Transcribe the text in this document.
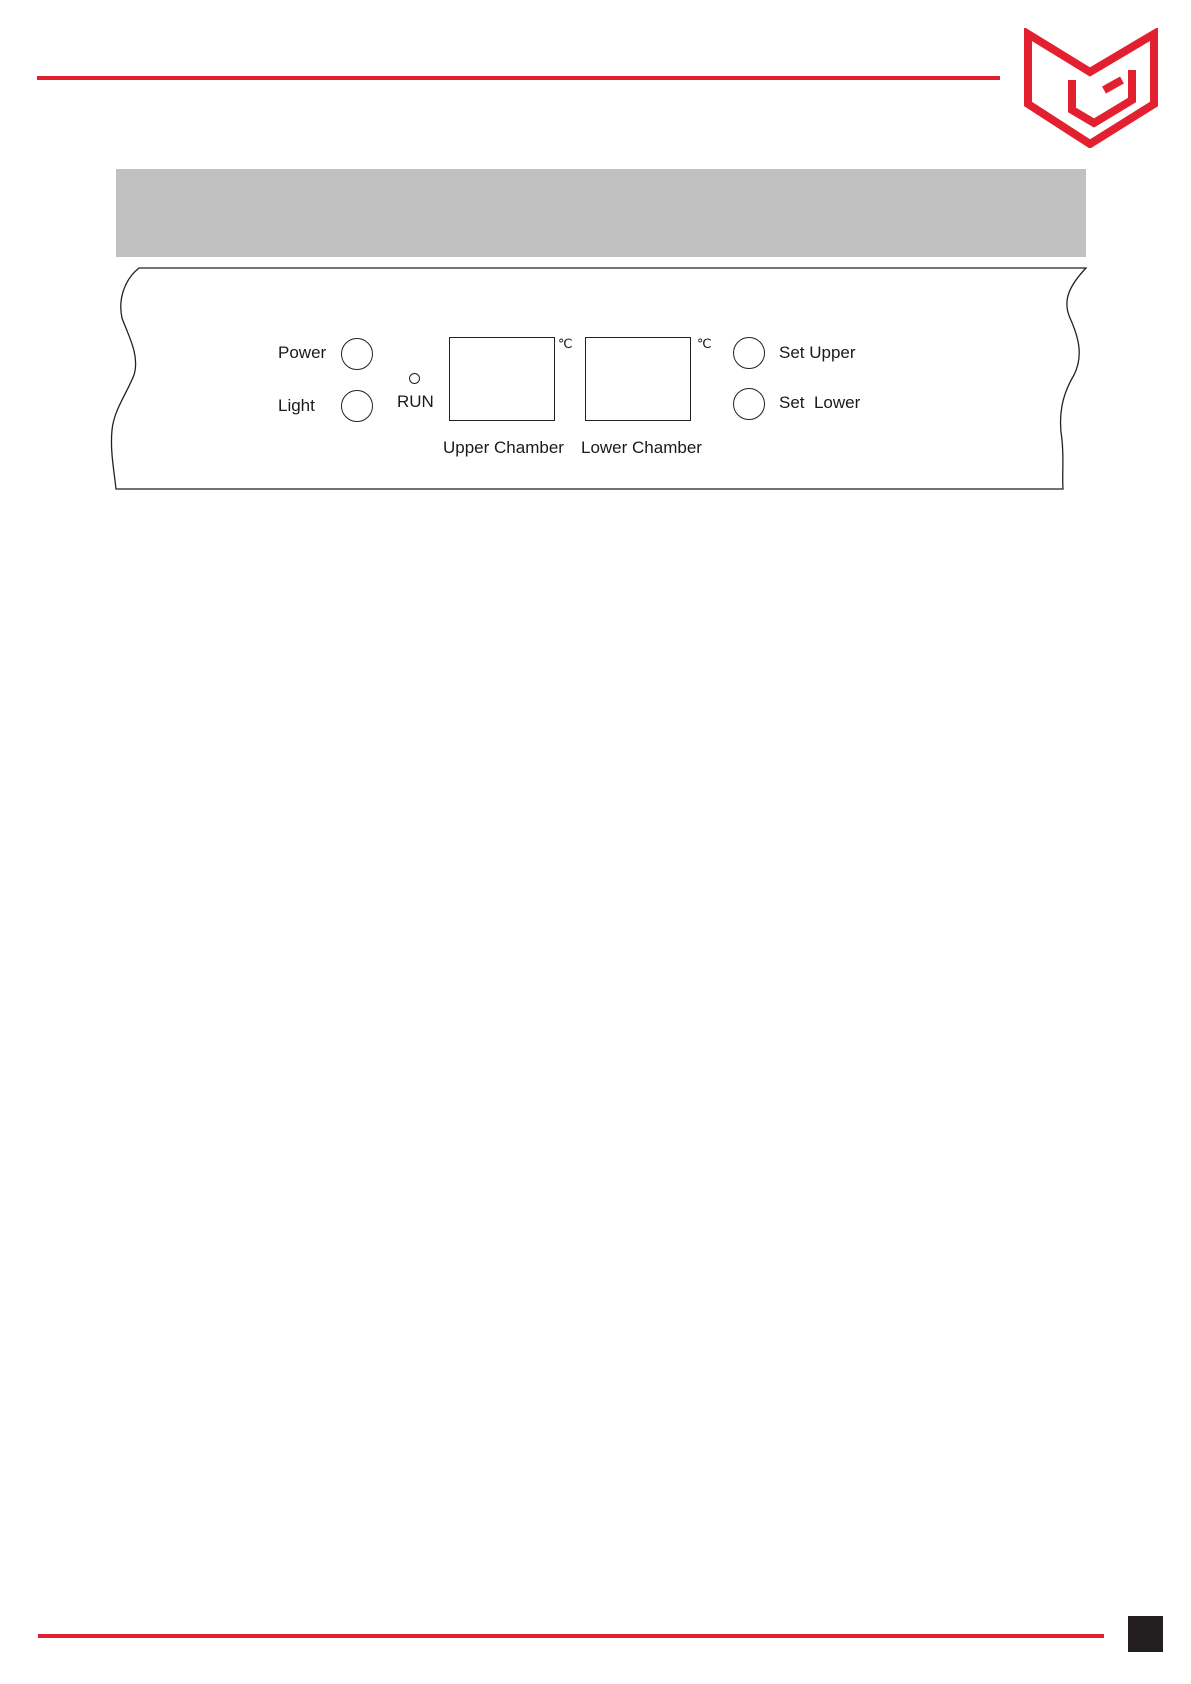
Power
Light	RUN
℃
Upper Chamber
℃
Lower Chamber
Set Upper
Set  Lower
